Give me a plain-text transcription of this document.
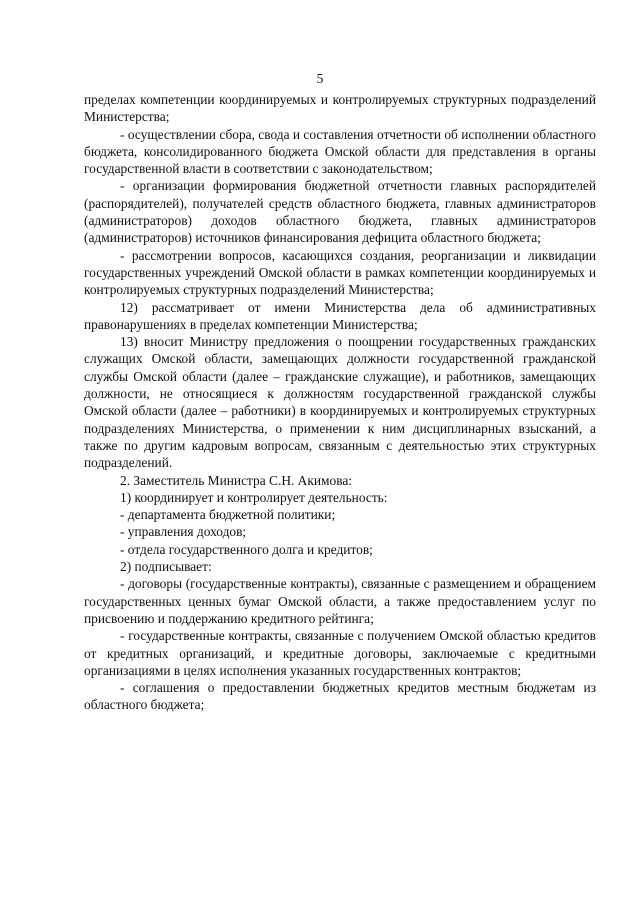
5

пределах компетенции координируемых и контролируемых структурных подразделений Министерства;

- осуществлении сбора, свода и составления отчетности об исполнении областного бюджета, консолидированного бюджета Омской области для представления в органы государственной власти в соответствии с законодательством;

- организации формирования бюджетной отчетности главных распорядителей (распорядителей), получателей средств областного бюджета, главных администраторов (администраторов) доходов областного бюджета, главных администраторов (администраторов) источников финансирования дефицита областного бюджета;

- рассмотрении вопросов, касающихся создания, реорганизации и ликвидации государственных учреждений Омской области в рамках компетенции координируемых и контролируемых структурных подразделений Министерства;

12) рассматривает от имени Министерства дела об административных правонарушениях в пределах компетенции Министерства;

13) вносит Министру предложения о поощрении государственных гражданских служащих Омской области, замещающих должности государственной гражданской службы Омской области (далее – гражданские служащие), и работников, замещающих должности, не относящиеся к должностям государственной гражданской службы Омской области (далее – работники) в координируемых и контролируемых структурных подразделениях Министерства, о применении к ним дисциплинарных взысканий, а также по другим кадровым вопросам, связанным с деятельностью этих структурных подразделений.

2. Заместитель Министра С.Н. Акимова:

1) координирует и контролирует деятельность:

- департамента бюджетной политики;

- управления доходов;

- отдела государственного долга и кредитов;

2) подписывает:

- договоры (государственные контракты), связанные с размещением и обращением государственных ценных бумаг Омской области, а также предоставлением услуг по присвоению и поддержанию кредитного рейтинга;

- государственные контракты, связанные с получением Омской областью кредитов от кредитных организаций, и кредитные договоры, заключаемые с кредитными организациями в целях исполнения указанных государственных контрактов;

- соглашения о предоставлении бюджетных кредитов местным бюджетам из областного бюджета;
